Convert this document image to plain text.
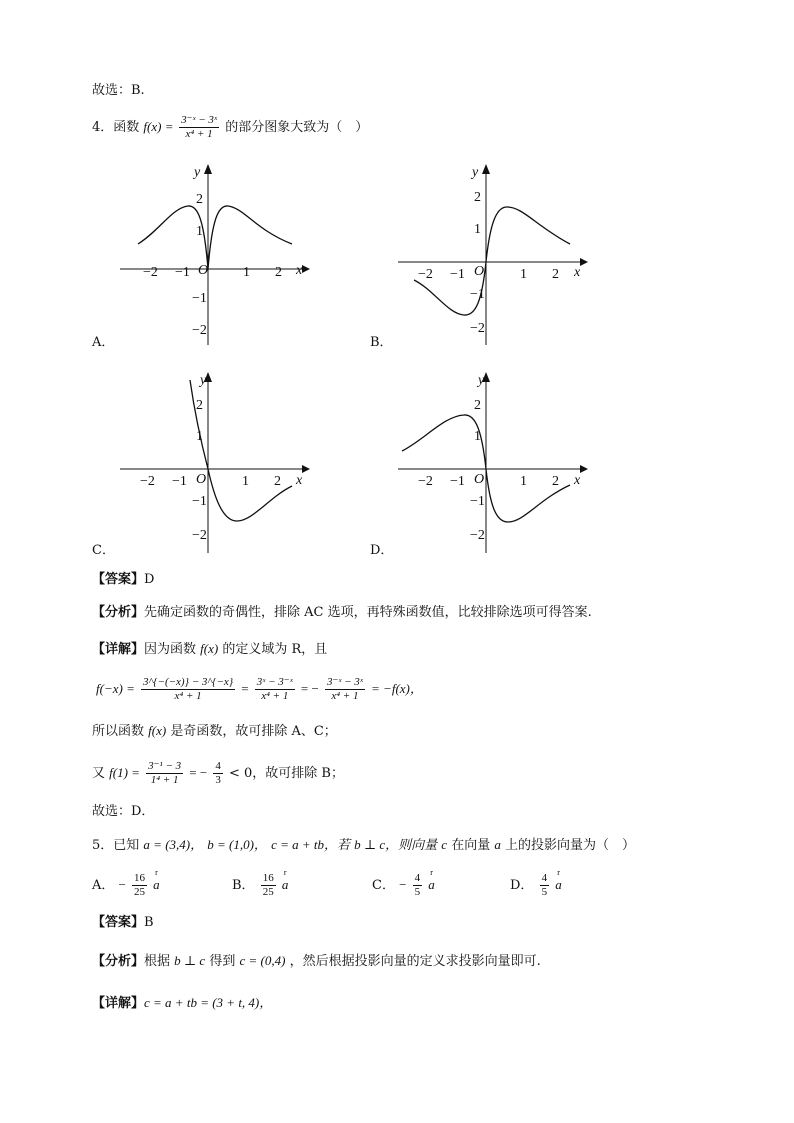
故选：B.
4．函数 $f(x) = \frac{\text{3⁻ˣ − 3ˣ}}{\text{x⁴ + 1}}$ 的部分图象大致为（　）
y
x
O
−2 −1	1 2
2
1
−1
−2
A．
y
x
O
−2 −1	1 2
2
1
−1
−2
B．
y
x
O
−2 −1	1 2
2
1
−1
−2
C．
y
x
O
−2 −1	1 2
2
1
−1
−2
D．
【答案】D
【分析】先确定函数的奇偶性，排除 AC 选项，再特殊函数值，比较排除选项可得答案.
【详解】因为函数 f(x) 的定义域为 R，且
$f(-x) = \frac{3\^{}\{-(-x)\} - 3\^{}\{-x\}}{\text{x⁴ + 1}} = \frac{\text{3ˣ − 3⁻ˣ}}{\text{x⁴ + 1}}$ = − $\frac{\text{3⁻ˣ − 3ˣ}}{\text{x⁴ + 1}} = -f(x)$，
所以函数 f(x) 是奇函数，故可排除 A、C；
又 $f(1) = \frac{\text{3⁻¹ − 3}}{\text{1⁴ + 1}}$ = − $\frac{4}{3} < 0$，故可排除 B；
故选：D．
5．已知 a = (3,4)， b = (1,0)， c = a + tb，若 b ⊥ c，则向量 c 在向量 a 上的投影向量为（　）
A． − $\frac{16}{25}$
r
a	B． $\frac{16}{25}$
r
a	C． − $\frac{4}{5}$
r
a	D． $\frac{4}{5}$
r
a
【答案】B
【分析】根据 b ⊥ c 得到 c = (0,4) ，然后根据投影向量的定义求投影向量即可.
【详解】c = a + tb = (3 + t, 4)，
